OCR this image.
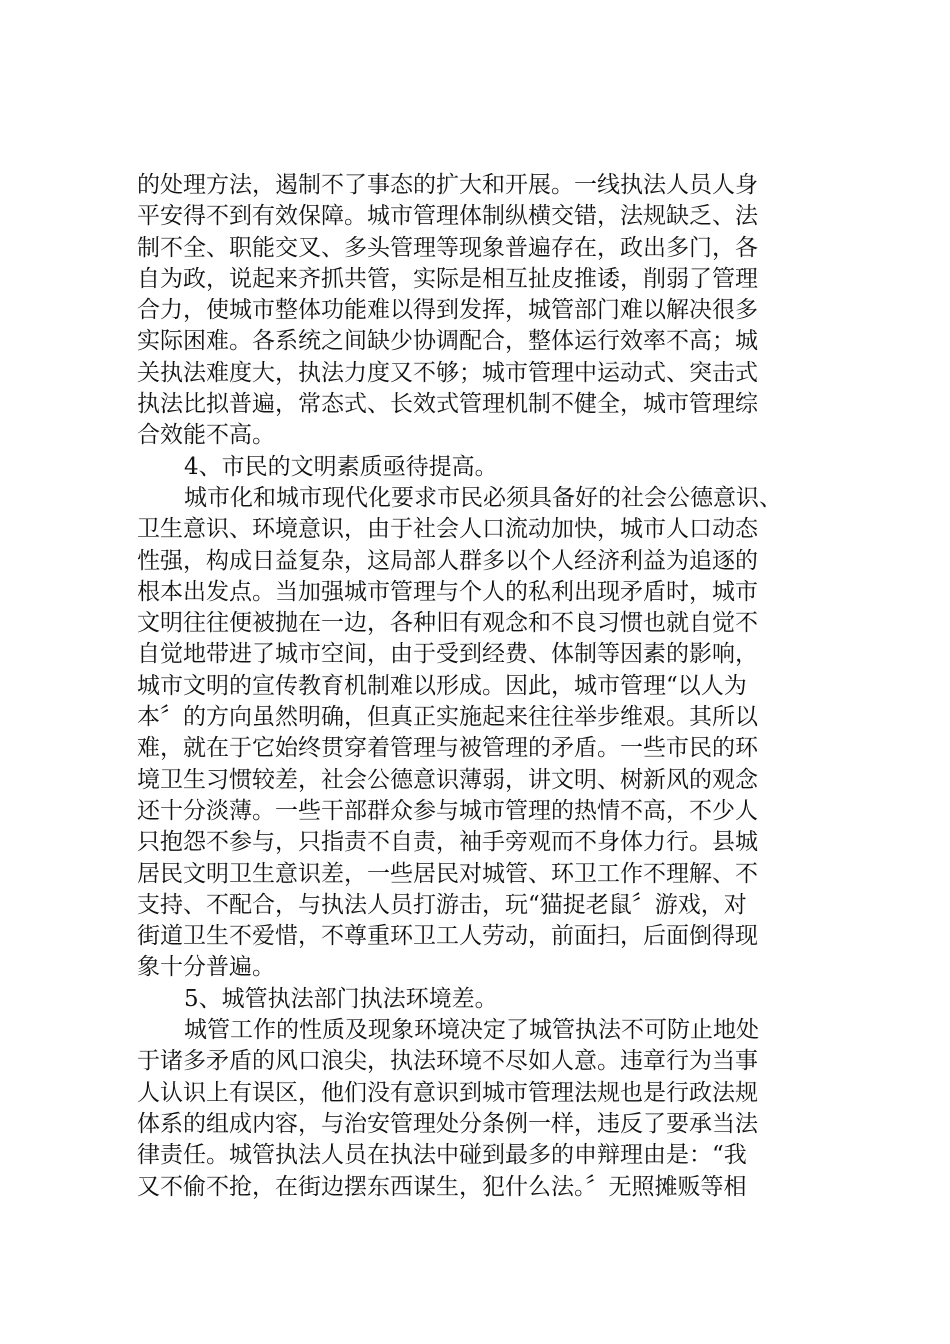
的处理方法，遏制不了事态的扩大和开展。一线执法人员人身
平安得不到有效保障。城市管理体制纵横交错，法规缺乏、法
制不全、职能交叉、多头管理等现象普遍存在，政出多门，各
自为政，说起来齐抓共管，实际是相互扯皮推诿，削弱了管理
合力，使城市整体功能难以得到发挥，城管部门难以解决很多
实际困难。各系统之间缺少协调配合，整体运行效率不高；城
关执法难度大，执法力度又不够；城市管理中运动式、突击式
执法比拟普遍，常态式、长效式管理机制不健全，城市管理综
合效能不高。
4、市民的文明素质亟待提高。
城市化和城市现代化要求市民必须具备好的社会公德意识、
卫生意识、环境意识，由于社会人口流动加快，城市人口动态
性强，构成日益复杂，这局部人群多以个人经济利益为追逐的
根本出发点。当加强城市管理与个人的私利出现矛盾时，城市
文明往往便被抛在一边，各种旧有观念和不良习惯也就自觉不
自觉地带进了城市空间，由于受到经费、体制等因素的影响，
城市文明的宣传教育机制难以形成。因此，城市管理“以人为
本〞的方向虽然明确，但真正实施起来往往举步维艰。其所以
难，就在于它始终贯穿着管理与被管理的矛盾。一些市民的环
境卫生习惯较差，社会公德意识薄弱，讲文明、树新风的观念
还十分淡薄。一些干部群众参与城市管理的热情不高，不少人
只抱怨不参与，只指责不自责，袖手旁观而不身体力行。县城
居民文明卫生意识差，一些居民对城管、环卫工作不理解、不
支持、不配合，与执法人员打游击，玩“猫捉老鼠〞游戏，对
街道卫生不爱惜，不尊重环卫工人劳动，前面扫，后面倒得现
象十分普遍。
5、城管执法部门执法环境差。
城管工作的性质及现象环境决定了城管执法不可防止地处
于诸多矛盾的风口浪尖，执法环境不尽如人意。违章行为当事
人认识上有误区，他们没有意识到城市管理法规也是行政法规
体系的组成内容，与治安管理处分条例一样，违反了要承当法
律责任。城管执法人员在执法中碰到最多的申辩理由是：“我
又不偷不抢，在街边摆东西谋生，犯什么法。〞无照摊贩等相
